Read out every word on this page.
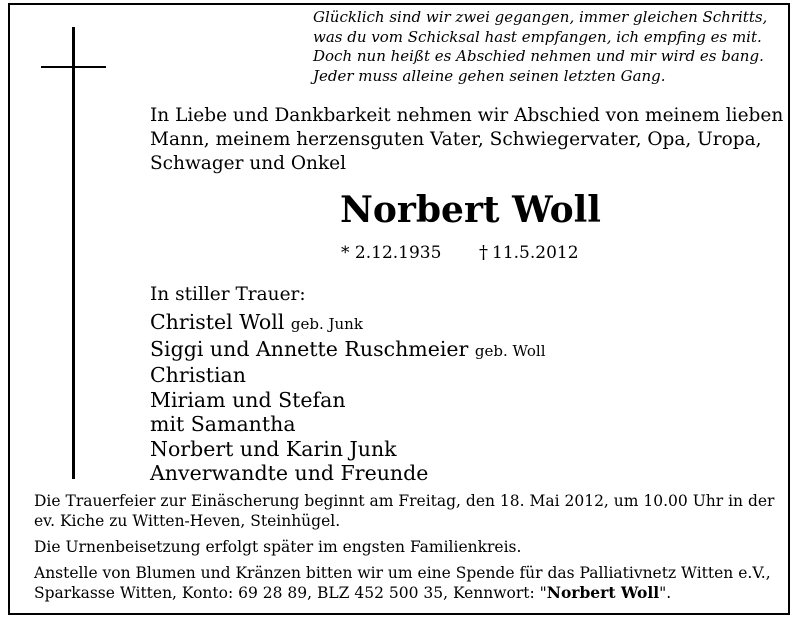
Glücklich sind wir zwei gegangen, immer gleichen Schritts,
was du vom Schicksal hast empfangen, ich empfing es mit.
Doch nun heißt es Abschied nehmen und mir wird es bang.
Jeder muss alleine gehen seinen letzten Gang.
In Liebe und Dankbarkeit nehmen wir Abschied von meinem lieben
Mann, meinem herzensguten Vater, Schwiegervater, Opa, Uropa,
Schwager und Onkel
Norbert Woll
* 2.12.1935 † 11.5.2012
In stiller Trauer:
Christel Woll geb. Junk
Siggi und Annette Ruschmeier geb. Woll
Christian
Miriam und Stefan
mit Samantha
Norbert und Karin Junk
Anverwandte und Freunde

Die Trauerfeier zur Einäscherung beginnt am Freitag, den 18. Mai 2012, um 10.00 Uhr in der
ev. Kiche zu Witten-Heven, Steinhügel.

Die Urnenbeisetzung erfolgt später im engsten Familienkreis.

Anstelle von Blumen und Kränzen bitten wir um eine Spende für das Palliativnetz Witten e.V.,
Sparkasse Witten, Konto: 69 28 89, BLZ 452 500 35, Kennwort: "Norbert Woll".
